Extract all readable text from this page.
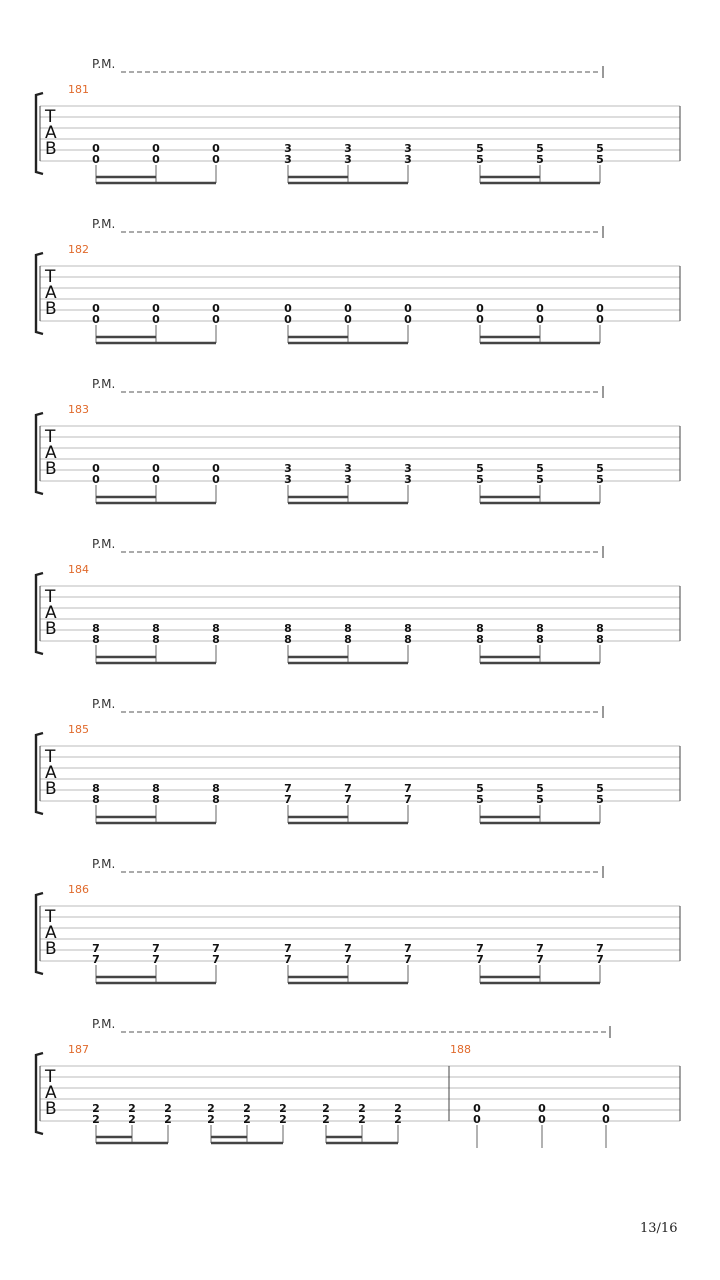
P.M.
T
A
B
181
0
0
0
0
0
0
3
3
3
3
3
3
5
5
5
5
5
5
P.M.
T
A
B
182
0
0
0
0
0
0
0
0
0
0
0
0
0
0
0
0
0
0
P.M.
T
A
B
183
0
0
0
0
0
0
3
3
3
3
3
3
5
5
5
5
5
5
P.M.
T
A
B
184
8
8
8
8
8
8
8
8
8
8
8
8
8
8
8
8
8
8
P.M.
T
A
B
185
8
8
8
8
8
8
7
7
7
7
7
7
5
5
5
5
5
5
P.M.
T
A
B
186
7
7
7
7
7
7
7
7
7
7
7
7
7
7
7
7
7
7
P.M.
T
A
B
187
2
2
2
2
2
2
2
2
2
2
2
2
2
2
2
2
2
2
188
0
0
0
0
0
0
13/16
